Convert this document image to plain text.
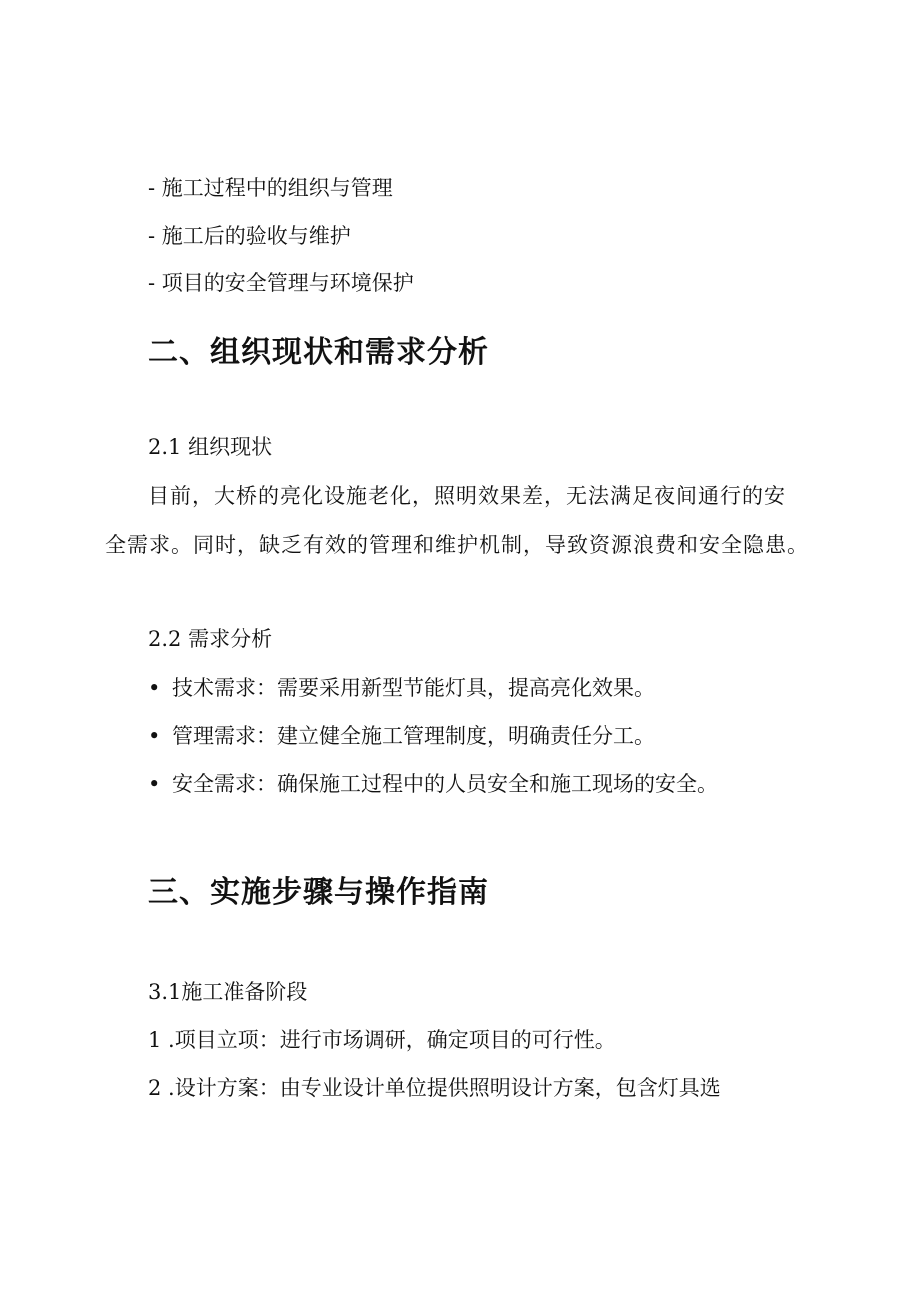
- 施工过程中的组织与管理
- 施工后的验收与维护
- 项目的安全管理与环境保护
二、组织现状和需求分析
2.1 组织现状
目前，大桥的亮化设施老化，照明效果差，无法满足夜间通行的安
全需求。同时，缺乏有效的管理和维护机制，导致资源浪费和安全隐患。
2.2 需求分析
• 技术需求：需要采用新型节能灯具，提高亮化效果。
• 管理需求：建立健全施工管理制度，明确责任分工。
• 安全需求：确保施工过程中的人员安全和施工现场的安全。
三、实施步骤与操作指南
3.1施工准备阶段
1 .项目立项：进行市场调研，确定项目的可行性。
2 .设计方案：由专业设计单位提供照明设计方案，包含灯具选
